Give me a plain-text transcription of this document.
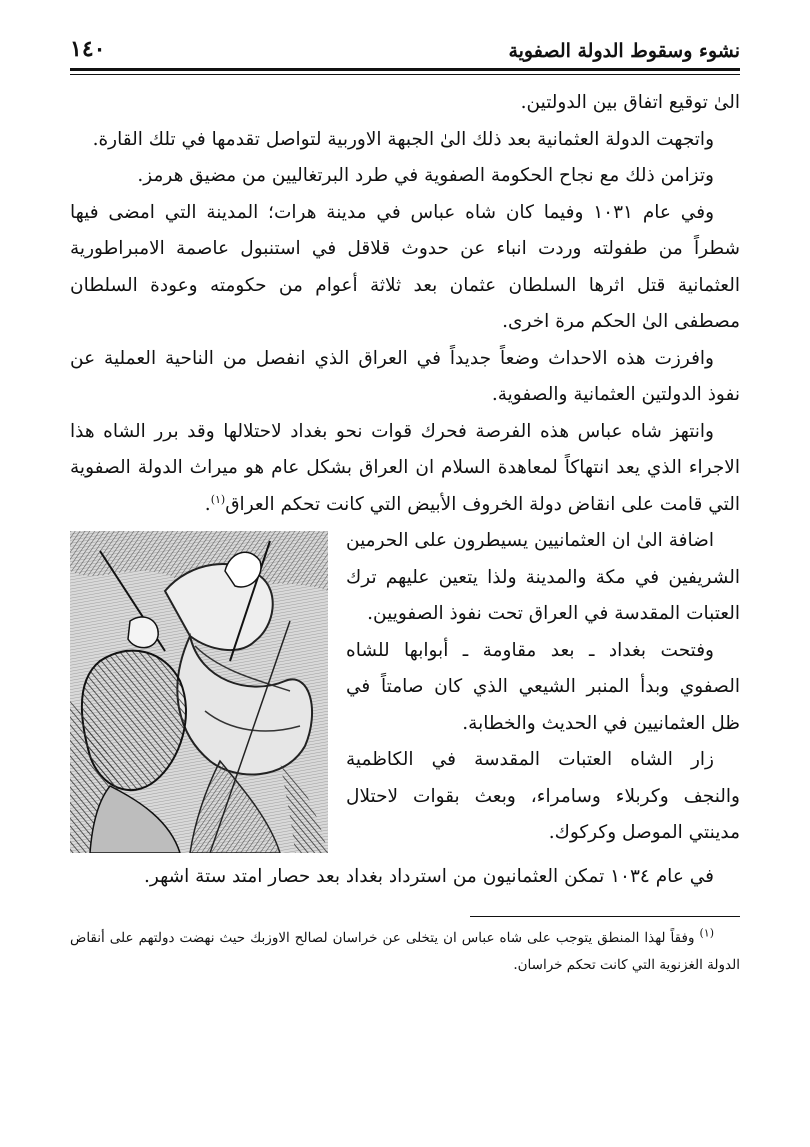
نشوء وسقوط الدولة الصفوية
١٤٠

الىٰ توقيع اتفاق بين الدولتين.

واتجهت الدولة العثمانية بعد ذلك الىٰ الجبهة الاوربية لتواصل تقدمها في تلك القارة.

وتزامن ذلك مع نجاح الحكومة الصفوية في طرد البرتغاليين من مضيق هرمز.

وفي عام ١٠٣١ وفيما كان شاه عباس في مدينة هرات؛ المدينة التي امضى فيها شطراً من طفولته وردت انباء عن حدوث قلاقل في استنبول عاصمة الامبراطورية العثمانية قتل اثرها السلطان عثمان بعد ثلاثة أعوام من حكومته وعودة السلطان مصطفى الىٰ الحكم مرة اخرى.

وافرزت هذه الاحداث وضعاً جديداً في العراق الذي انفصل من الناحية العملية عن نفوذ الدولتين العثمانية والصفوية.

وانتهز شاه عباس هذه الفرصة فحرك قوات نحو بغداد لاحتلالها وقد برر الشاه هذا الاجراء الذي يعد انتهاكاً لمعاهدة السلام ان العراق بشكل عام هو ميراث الدولة الصفوية التي قامت على انقاض دولة الخروف الأبيض التي كانت تحكم العراق$^{(١)}$.

اضافة الىٰ ان العثمانيين يسيطرون على الحرمين الشريفين في مكة والمدينة ولذا يتعين عليهم ترك العتبات المقدسة في العراق تحت نفوذ الصفويين.

وفتحت بغداد ـ بعد مقاومة ـ أبوابها للشاه الصفوي وبدأ المنبر الشيعي الذي كان صامتاً في ظل العثمانيين في الحديث والخطابة.

زار الشاه العتبات المقدسة في الكاظمية والنجف وكربلاء وسامراء، وبعث بقوات لاحتلال مدينتي الموصل وكركوك.

في عام ١٠٣٤ تمكن العثمانيون من استرداد بغداد بعد حصار امتد ستة اشهر.

$^{(١)}$ وفقاً لهذا المنطق يتوجب على شاه عباس ان يتخلى عن خراسان لصالح الاوزبك حيث نهضت دولتهم على أنقاض الدولة الغزنوية التي كانت تحكم خراسان.
